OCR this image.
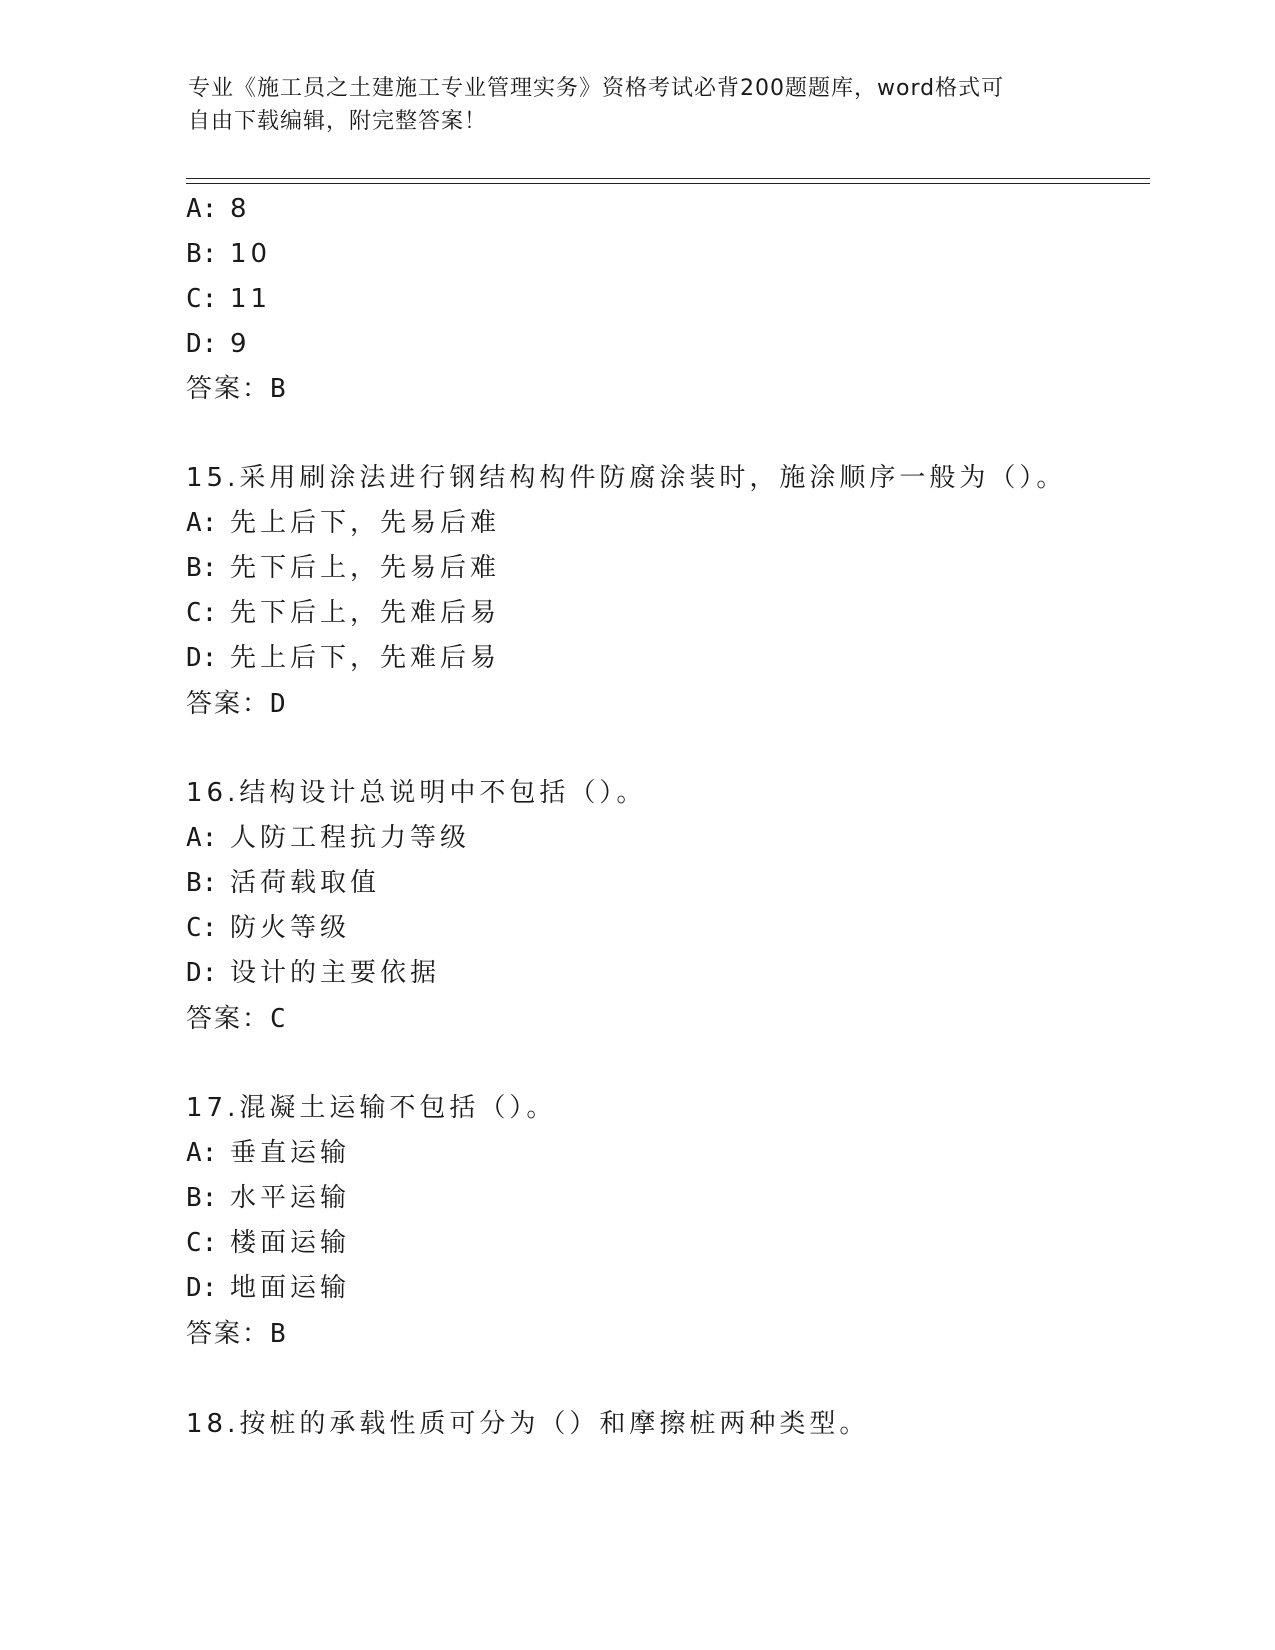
专业《施工员之土建施工专业管理实务》资格考试必背200题题库，word格式可
自由下载编辑，附完整答案！
A: 8
B: 10
C: 11
D: 9
答案：B
15.采用刷涂法进行钢结构构件防腐涂装时，施涂顺序一般为（）。
A: 先上后下，先易后难
B: 先下后上，先易后难
C: 先下后上，先难后易
D: 先上后下，先难后易
答案：D
16.结构设计总说明中不包括（）。
A: 人防工程抗力等级
B: 活荷载取值
C: 防火等级
D: 设计的主要依据
答案：C
17.混凝土运输不包括（）。
A: 垂直运输
B: 水平运输
C: 楼面运输
D: 地面运输
答案：B
18.按桩的承载性质可分为（）和摩擦桩两种类型。
